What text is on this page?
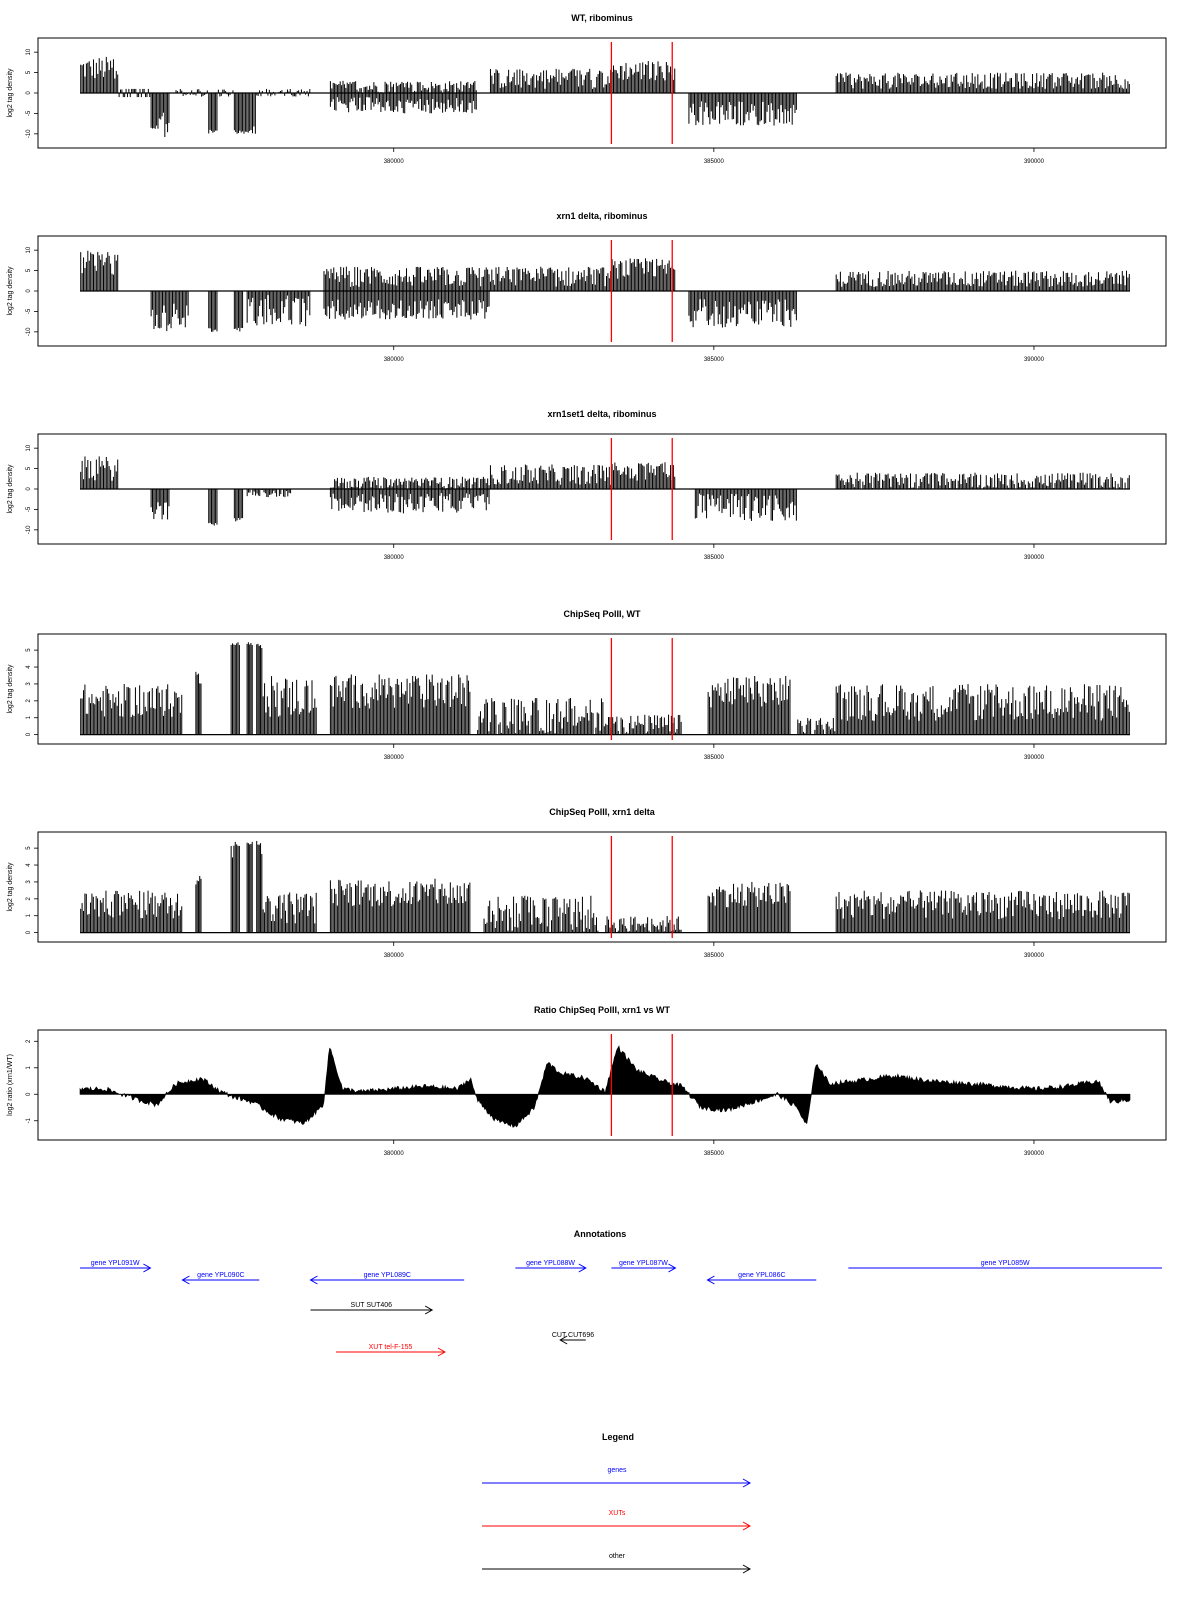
WT, ribominus
-10
-5
0
5
10
log2 tag density
380000	385000	390000
xrn1 delta, ribominus
-10
-5
0
5
10
log2 tag density
380000	385000	390000
xrn1set1 delta, ribominus
-10
-5
0
5
10
log2 tag density
380000	385000	390000
ChipSeq PolII, WT
0
1
2
3
4
5
log2 tag density
380000	385000	390000
ChipSeq PolII, xrn1 delta
0
1
2
3
4
5
log2 tag density
380000	385000	390000
Ratio ChipSeq PolII, xrn1 vs WT
-1
0
1
2
log2 ratio (xrn1/WT)
380000	385000	390000
Annotations
gene YPL091W
gene YPL090C	gene YPL089C
gene YPL088W	gene YPL087W
gene YPL086C
gene YPL085W
SUT SUT406
XUT tel-F-155
CUT CUT696
Legend
genes
XUTs
other
